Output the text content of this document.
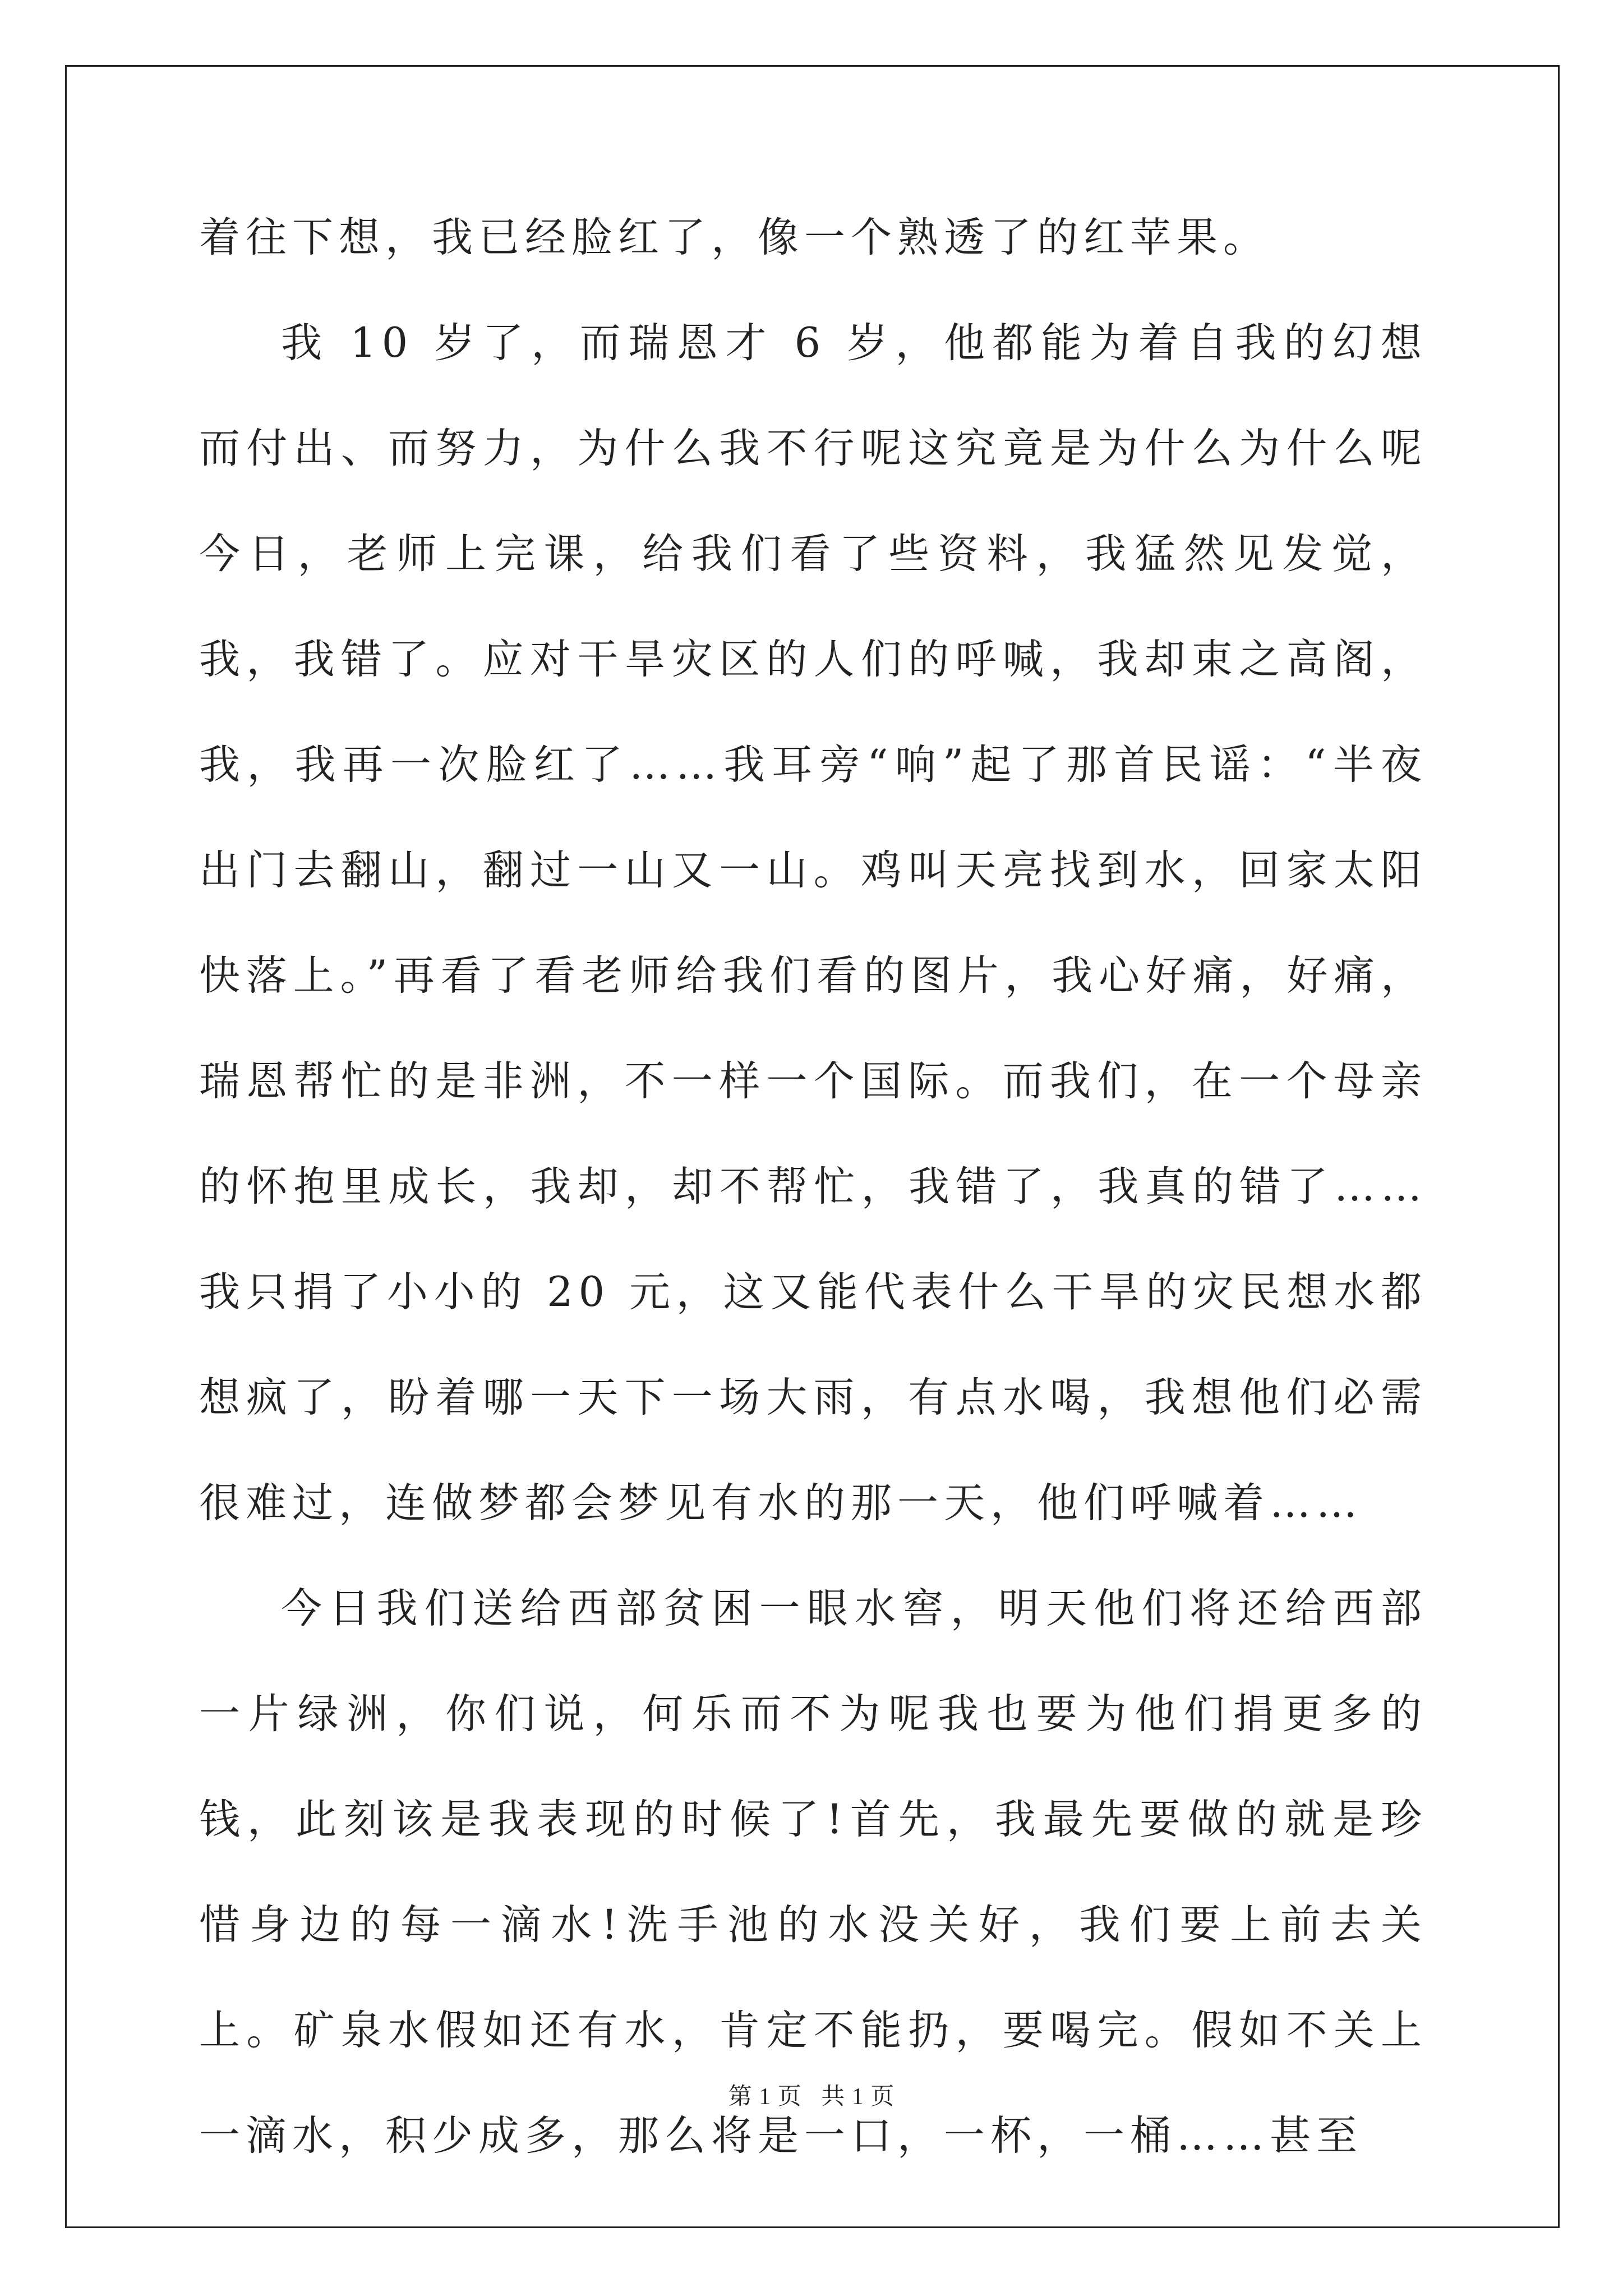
着往下想，我已经脸红了，像一个熟透了的红苹果。

我 10 岁了，而瑞恩才 6 岁，他都能为着自我的幻想而付出、而努力，为什么我不行呢这究竟是为什么为什么呢今日，老师上完课，给我们看了些资料，我猛然见发觉，我，我错了。应对干旱灾区的人们的呼喊，我却束之高阁，我，我再一次脸红了……我耳旁“响”起了那首民谣：“半夜出门去翻山，翻过一山又一山。鸡叫天亮找到水，回家太阳快落上。”再看了看老师给我们看的图片，我心好痛，好痛，瑞恩帮忙的是非洲，不一样一个国际。而我们，在一个母亲的怀抱里成长，我却，却不帮忙，我错了，我真的错了……我只捐了小小的 20 元，这又能代表什么干旱的灾民想水都想疯了，盼着哪一天下一场大雨，有点水喝，我想他们必需很难过，连做梦都会梦见有水的那一天，他们呼喊着……

今日我们送给西部贫困一眼水窖，明天他们将还给西部一片绿洲，你们说，何乐而不为呢我也要为他们捐更多的钱，此刻该是我表现的时候了!首先，我最先要做的就是珍惜身边的每一滴水!洗手池的水没关好，我们要上前去关上。矿泉水假如还有水，肯定不能扔，要喝完。假如不关上一滴水，积少成多，那么将是一口，一杯，一桶……甚至

第 1 页 共 1 页
